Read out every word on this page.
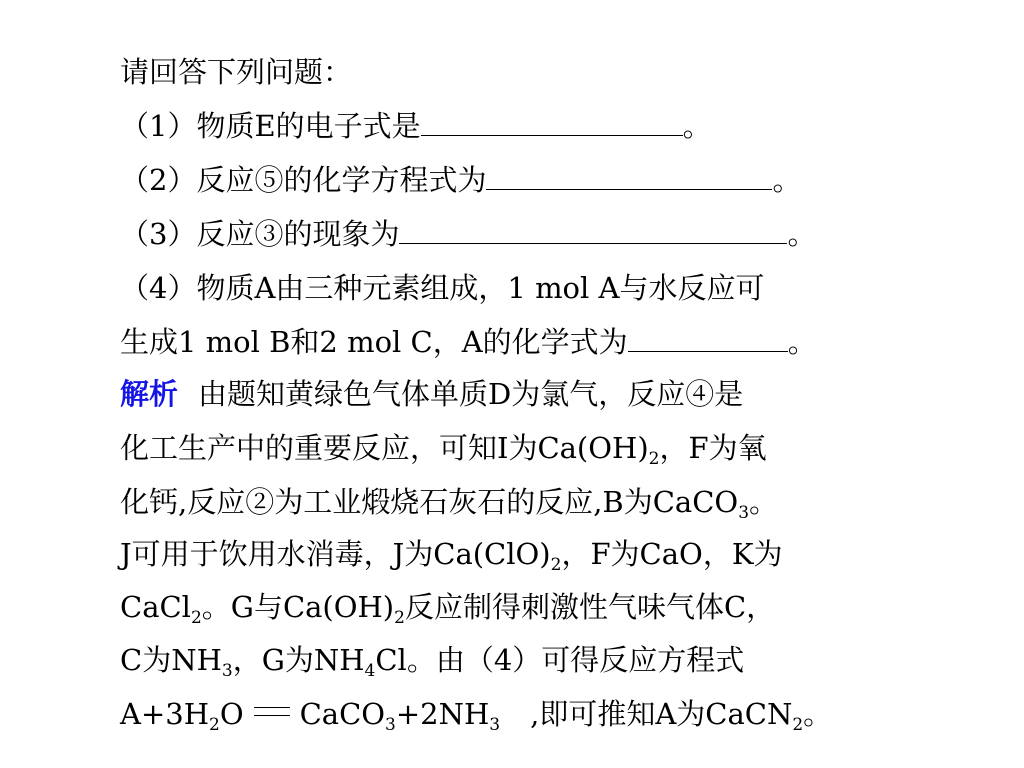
请回答下列问题：
（1）物质E的电子式是	。
（2）反应⑤的化学方程式为	。
（3）反应③的现象为	。
（4）物质A由三种元素组成，1 mol A与水反应可
生成1 mol B和2 mol C，A的化学式为	。
解析 由题知黄绿色气体单质D为氯气，反应④是
化工生产中的重要反应，可知I为$Ca(OH)_2$，F为氧
化钙,反应②为工业煅烧石灰石的反应,B为CaCO$_3$。
J可用于饮用水消毒，J为$Ca(ClO)_2$，F为CaO，K为
CaCl$_2$。G与$Ca(OH)_2$反应制得刺激性气味气体C，
C为$NH_3$，G为$NH_4Cl$。由（4）可得反应方程式
$A+3H_2O$ $CaCO_3+2NH_3$ ,即可推知A为CaCN$_2$。
